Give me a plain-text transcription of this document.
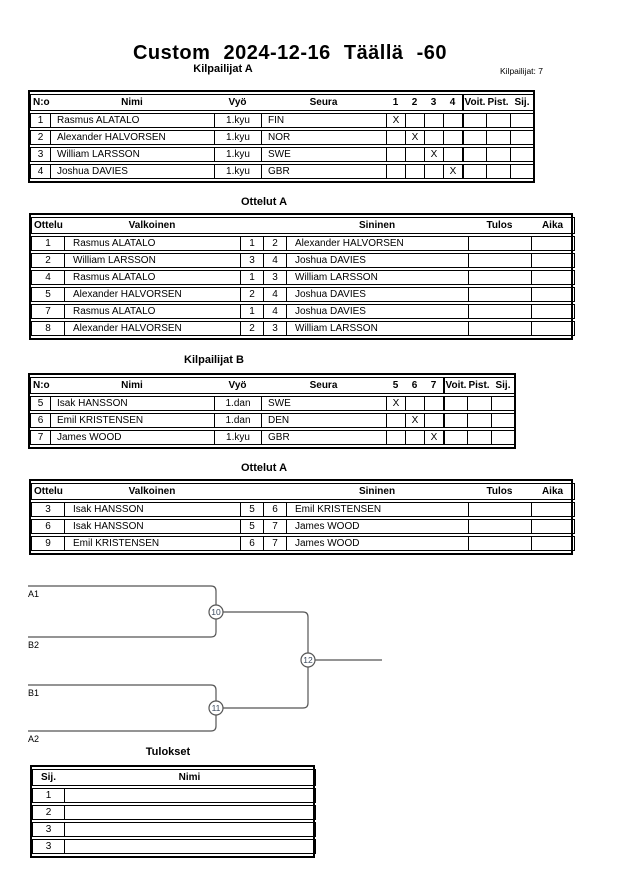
Custom 2024-12-16 Täällä -60
Kilpailijat A	Kilpailijat: 7
N:o	Nimi	Vyö	Seura	1	2	3	4	Voit.	Pist.	Sij.
1	Rasmus ALATALO	1.kyu	FIN	X						
2	Alexander HALVORSEN	1.kyu	NOR		X					
3	William LARSSON	1.kyu	SWE			X				
4	Joshua DAVIES	1.kyu	GBR				X			
Ottelut A
Ottelu	Valkoinen			Sininen	Tulos	Aika
1	Rasmus ALATALO	1	2	Alexander HALVORSEN		
2	William LARSSON	3	4	Joshua DAVIES		
4	Rasmus ALATALO	1	3	William LARSSON		
5	Alexander HALVORSEN	2	4	Joshua DAVIES		
7	Rasmus ALATALO	1	4	Joshua DAVIES		
8	Alexander HALVORSEN	2	3	William LARSSON		
Kilpailijat B
N:o	Nimi	Vyö	Seura	5	6	7	Voit.	Pist.	Sij.
5	Isak HANSSON	1.dan	SWE	X					
6	Emil KRISTENSEN	1.dan	DEN		X				
7	James WOOD	1.kyu	GBR			X			
Ottelut A
Ottelu	Valkoinen			Sininen	Tulos	Aika
3	Isak HANSSON	5	6	Emil KRISTENSEN		
6	Isak HANSSON	5	7	James WOOD		
9	Emil KRISTENSEN	6	7	James WOOD		
A1
B2
B1
A2
10
11
12
Tulokset
Sij.	Nimi
1	
2	
3	
3	
